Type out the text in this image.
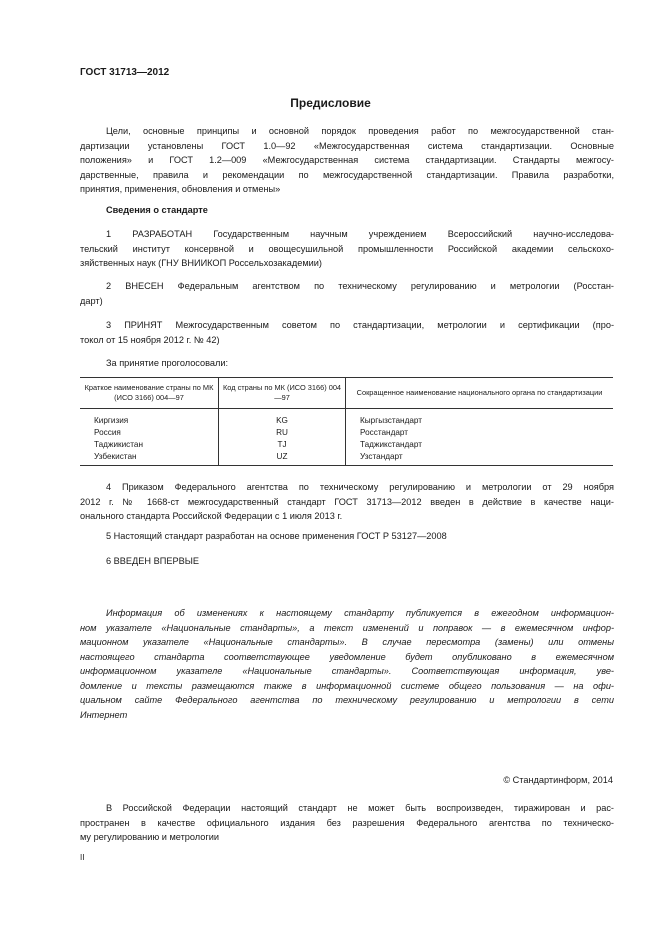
ГОСТ 31713—2012
Предисловие
Цели, основные принципы и основной порядок проведения работ по межгосударственной стан-
дартизации установлены ГОСТ 1.0—92 «Межгосударственная система стандартизации. Основные
положения» и ГОСТ 1.2—009 «Межгосударственная система стандартизации. Стандарты межгосу-
дарственные, правила и рекомендации по межгосударственной стандартизации. Правила разработки,
принятия, применения, обновления и отмены»
Сведения о стандарте
1 РАЗРАБОТАН Государственным научным учреждением Всероссийский научно-исследова-
тельский институт консервной и овощесушильной промышленности Российской академии сельскохо-
зяйственных наук (ГНУ ВНИИКОП Россельхозакадемии)
2 ВНЕСЕН Федеральным агентством по техническому регулированию и метрологии (Росстан-
дарт)
3 ПРИНЯТ Межгосударственным советом по стандартизации, метрологии и сертификации (про-
токол от 15 ноября 2012 г. № 42)
За принятие проголосовали:
Краткое наименование страны по МК (ИСО 3166) 004—97	Код страны по МК (ИСО 3166) 004—97	Сокращенное наименование национального органа по стандартизации
Киргизия	KG	Кыргызстандарт
Россия	RU	Росстандарт
Таджикистан	TJ	Таджикстандарт
Узбекистан	UZ	Узстандарт
4 Приказом Федерального агентства по техническому регулированию и метрологии от 29 ноября
2012 г. № 1668-ст межгосударственный стандарт ГОСТ 31713—2012 введен в действие в качестве наци-
онального стандарта Российской Федерации с 1 июля 2013 г.
5 Настоящий стандарт разработан на основе применения ГОСТ Р 53127—2008
6 ВВЕДЕН ВПЕРВЫЕ
Информация об изменениях к настоящему стандарту публикуется в ежегодном информацион-
ном указателе «Национальные стандарты», а текст изменений и поправок — в ежемесячном инфор-
мационном указателе «Национальные стандарты». В случае пересмотра (замены) или отмены
настоящего стандарта соответствующее уведомление будет опубликовано в ежемесячном
информационном указателе «Национальные стандарты». Соответствующая информация, уве-
домление и тексты размещаются также в информационной системе общего пользования — на офи-
циальном сайте Федерального агентства по техническому регулированию и метрологии в сети
Интернет
© Стандартинформ, 2014
В Российской Федерации настоящий стандарт не может быть воспроизведен, тиражирован и рас-
пространен в качестве официального издания без разрешения Федерального агентства по техническо-
му регулированию и метрологии
II
